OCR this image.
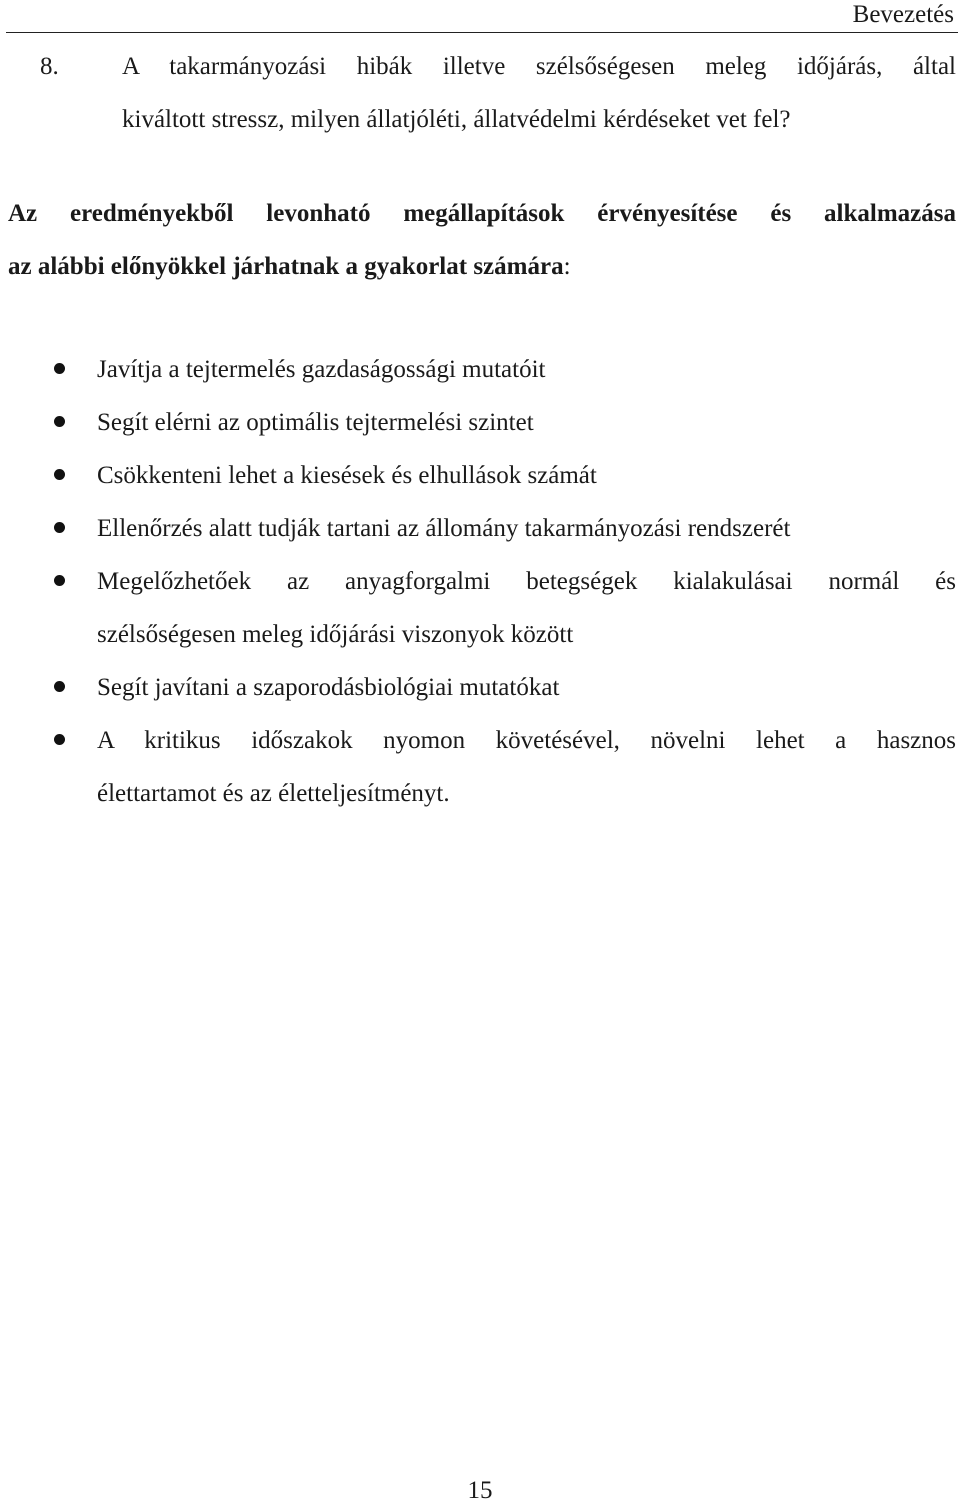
Bevezetés
8.	A takarmányozási hibák illetve szélsőségesen meleg időjárás, által
kiváltott stressz, milyen állatjóléti, állatvédelmi kérdéseket vet fel?
Az eredményekből levonható megállapítások érvényesítése és alkalmazása
az alábbi előnyökkel járhatnak a gyakorlat számára:
Javítja a tejtermelés gazdaságossági mutatóit
Segít elérni az optimális tejtermelési szintet
Csökkenteni lehet a kiesések és elhullások számát
Ellenőrzés alatt tudják tartani az állomány takarmányozási rendszerét
Megelőzhetőek az anyagforgalmi betegségek kialakulásai normál és
szélsőségesen meleg időjárási viszonyok között
Segít javítani a szaporodásbiológiai mutatókat
A kritikus időszakok nyomon követésével, növelni lehet a hasznos
élettartamot és az életteljesítményt.
15
